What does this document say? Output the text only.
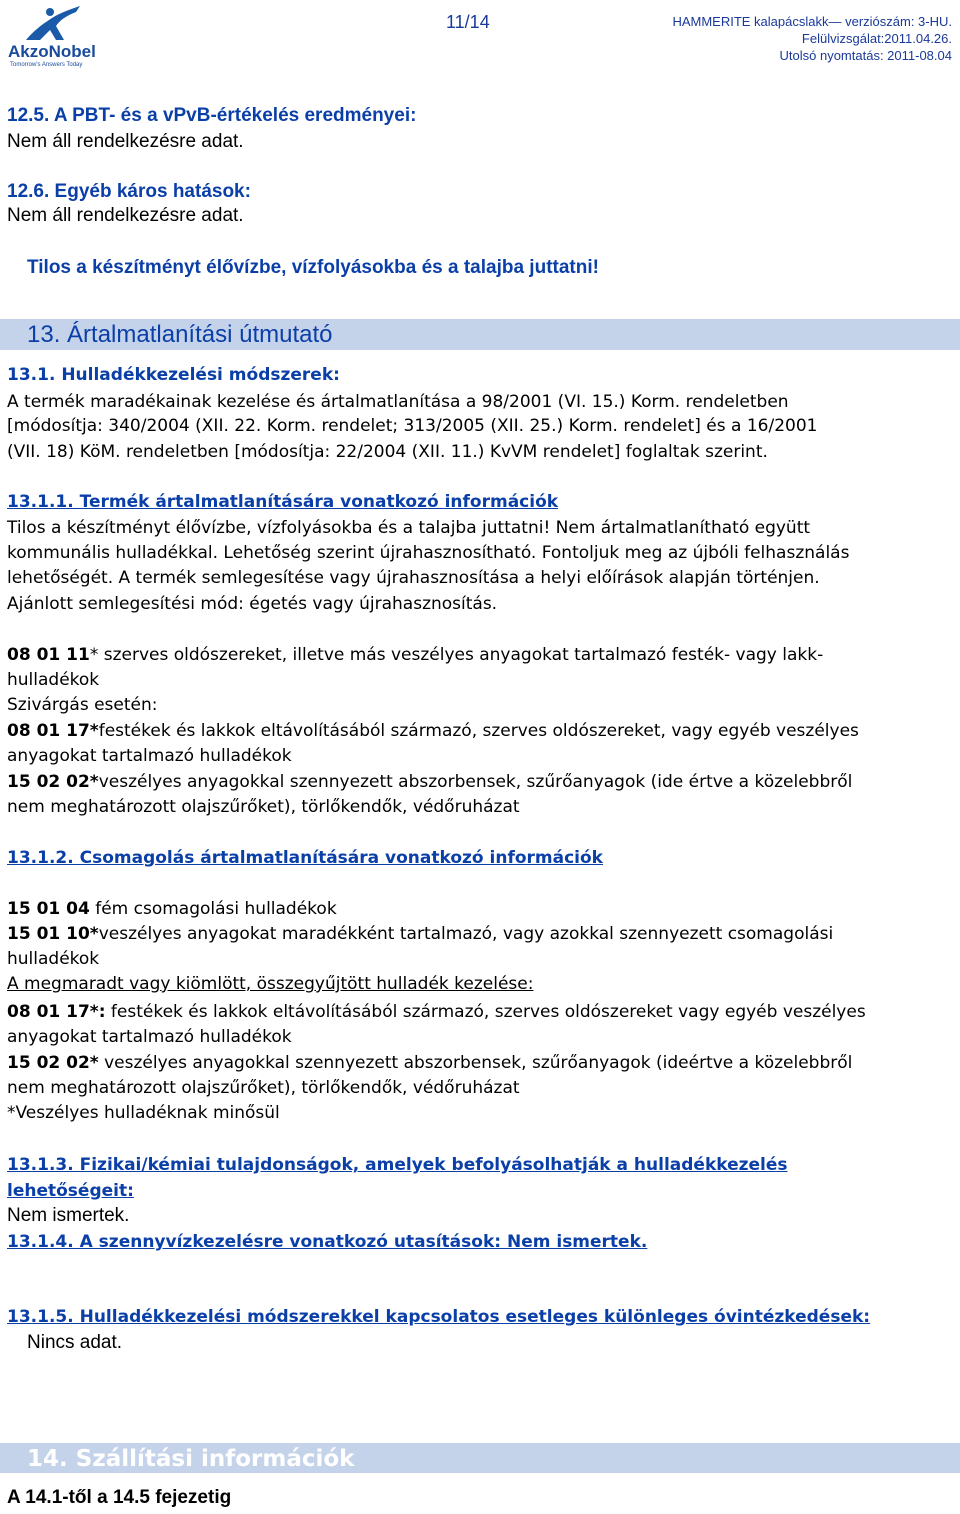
AkzoNobel
Tomorrow's Answers Today
11/14	HAMMERITE kalapácslakk— verziószám: 3-HU.
Felülvizsgálat:2011.04.26.
Utolsó nyomtatás: 2011-08.04
12.5. A PBT- és a vPvB-értékelés eredményei:
Nem áll rendelkezésre adat.
12.6. Egyéb káros hatások:
Nem áll rendelkezésre adat.
Tilos a készítményt élővízbe, vízfolyásokba és a talajba juttatni!
13. Ártalmatlanítási útmutató
13.1. Hulladékkezelési módszerek:
A termék maradékainak kezelése és ártalmatlanítása a 98/2001 (VI. 15.) Korm. rendeletben
[módosítja: 340/2004 (XII. 22. Korm. rendelet; 313/2005 (XII. 25.) Korm. rendelet] és a 16/2001
(VII. 18) KöM. rendeletben [módosítja: 22/2004 (XII. 11.) KvVM rendelet] foglaltak szerint.
13.1.1. Termék ártalmatlanítására vonatkozó információk
Tilos a készítményt élővízbe, vízfolyásokba és a talajba juttatni! Nem ártalmatlanítható együtt
kommunális hulladékkal. Lehetőség szerint újrahasznosítható. Fontoljuk meg az újbóli felhasználás
lehetőségét. A termék semlegesítése vagy újrahasznosítása a helyi előírások alapján történjen.
Ajánlott semlegesítési mód: égetés vagy újrahasznosítás.
08 01 11* szerves oldószereket, illetve más veszélyes anyagokat tartalmazó festék- vagy lakk-
hulladékok
Szivárgás esetén:
08 01 17*festékek és lakkok eltávolításából származó, szerves oldószereket, vagy egyéb veszélyes
anyagokat tartalmazó hulladékok
15 02 02*veszélyes anyagokkal szennyezett abszorbensek, szűrőanyagok (ide értve a közelebbről
nem meghatározott olajszűrőket), törlőkendők, védőruházat
13.1.2. Csomagolás ártalmatlanítására vonatkozó információk
15 01 04 fém csomagolási hulladékok
15 01 10*veszélyes anyagokat maradékként tartalmazó, vagy azokkal szennyezett csomagolási
hulladékok
A megmaradt vagy kiömlött, összegyűjtött hulladék kezelése:
08 01 17*: festékek és lakkok eltávolításából származó, szerves oldószereket vagy egyéb veszélyes
anyagokat tartalmazó hulladékok
15 02 02* veszélyes anyagokkal szennyezett abszorbensek, szűrőanyagok (ideértve a közelebbről
nem meghatározott olajszűrőket), törlőkendők, védőruházat
*Veszélyes hulladéknak minősül
13.1.3. Fizikai/kémiai tulajdonságok, amelyek befolyásolhatják a hulladékkezelés
lehetőségeit:
Nem ismertek.
13.1.4. A szennyvízkezelésre vonatkozó utasítások: Nem ismertek.
13.1.5. Hulladékkezelési módszerekkel kapcsolatos esetleges különleges óvintézkedések:
Nincs adat.
14. Szállítási információk
A 14.1-től a 14.5 fejezetig
